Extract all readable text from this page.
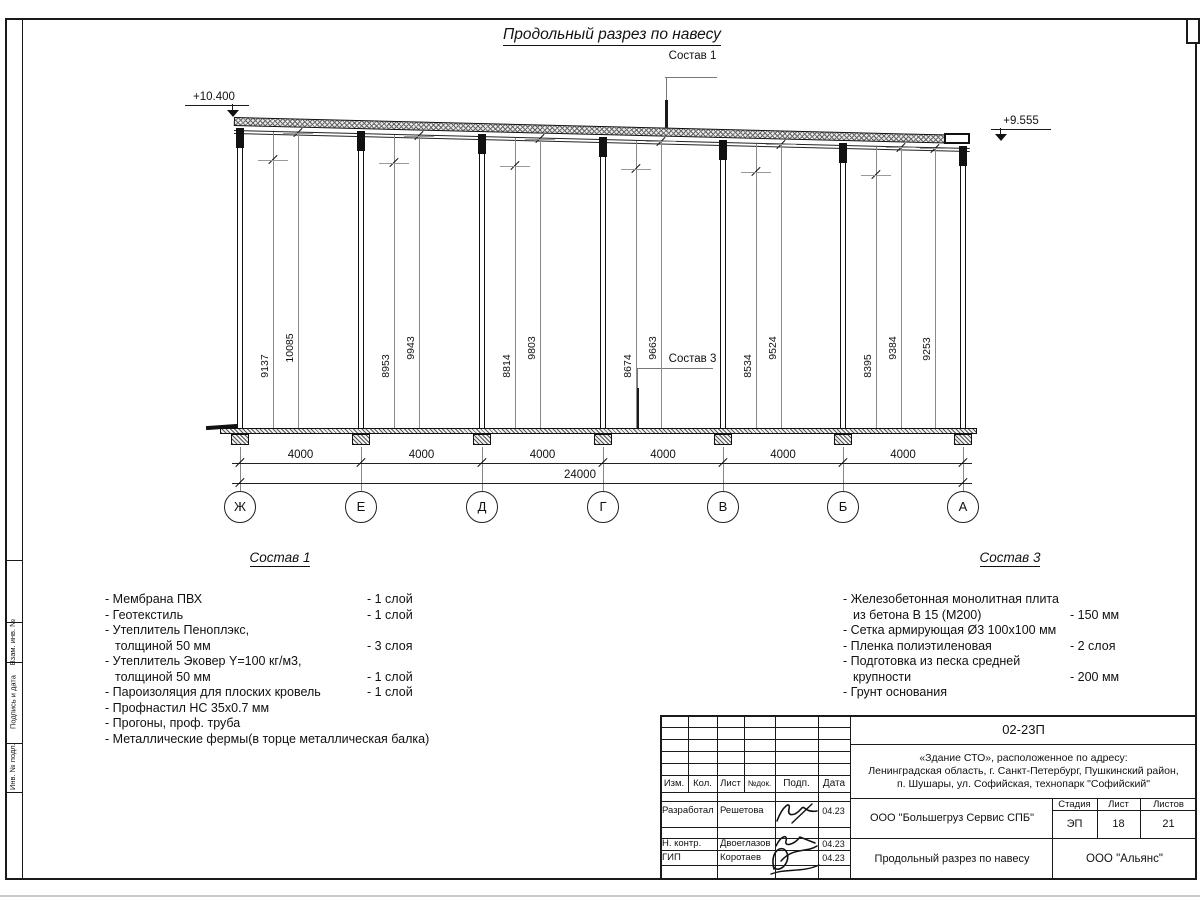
Взам. инв. №
Подпись и дата
Инв. № подл.
Продольный разрез по навесу
Состав 1
Состав 3
+10.400
+9.555
Состав 1
- Мембрана ПВХ	- 1 слой
- Геотекстиль	- 1 слой
- Утеплитель Пеноплэкс,
толщиной 50 мм	- 3 слоя
- Утеплитель Эковер Y=100 кг/м3,
толщиной 50 мм	- 1 слой
- Пароизоляция для плоских кровель	- 1 слой
- Профнастил НС 35x0.7 мм
- Прогоны, проф. труба
- Металлические фермы(в торце металлическая балка)
Состав 3
- Железобетонная монолитная плита
из бетона В 15 (М200)	- 150 мм
- Сетка армирующая Ø3 100x100 мм
- Пленка полиэтиленовая	- 2 слоя
- Подготовка из песка средней
крупности	- 200 мм
- Грунт основания
02-23П
«Здание СТО», расположенное по адресу:
Ленинградская область, г. Санкт-Петербург, Пушкинский район,
п. Шушары, ул. Софийская, технопарк "Софийский"
ООО "Большегруз Сервис СПБ"
Продольный разрез по навесу	ООО "Альянс"
Стадия	Лист	Листов
ЭП	18	21
Ж	Е	Д	Г	В	Б	А
9137
10085
8953
9943
8814
9803
8674
9663
8534
9524
8395
9384 9253
4000	4000	4000	4000	4000	4000
24000
Изм. Кол. Лист №док.	Подп.	Дата
Разработал Решетова	04.23
Н. контр.	Двоеглазов	04.23
ГИП	Коротаев	04.23
